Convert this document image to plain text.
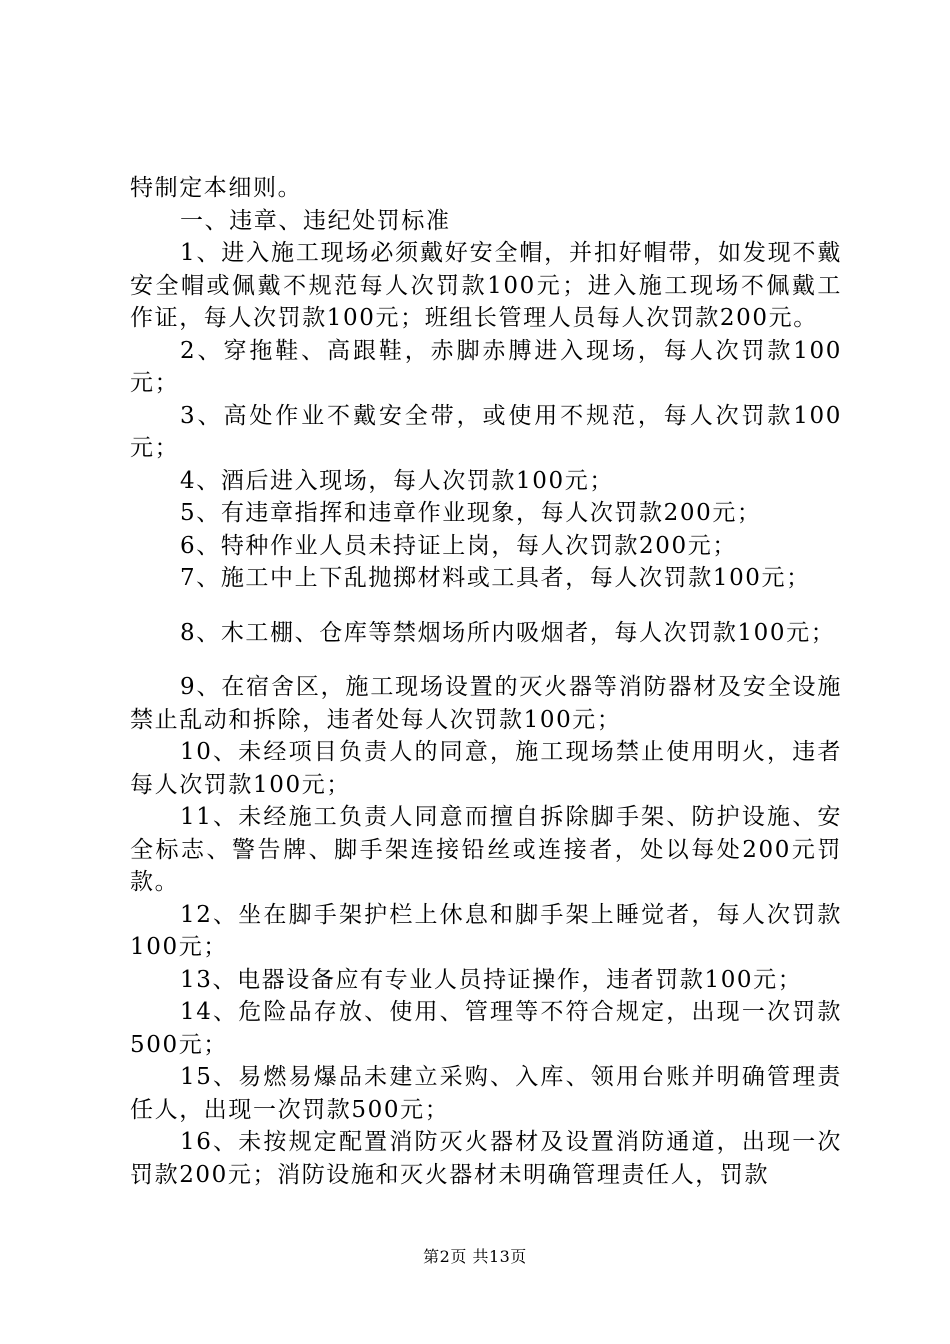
特制定本细则。

一、违章、违纪处罚标准

1、进入施工现场必须戴好安全帽，并扣好帽带，如发现不戴安全帽或佩戴不规范每人次罚款100元；进入施工现场不佩戴工作证，每人次罚款100元；班组长管理人员每人次罚款200元。

2、穿拖鞋、高跟鞋，赤脚赤膊进入现场，每人次罚款100元；

3、高处作业不戴安全带，或使用不规范，每人次罚款100元；

4、酒后进入现场，每人次罚款100元；

5、有违章指挥和违章作业现象，每人次罚款200元；

6、特种作业人员未持证上岗，每人次罚款200元；

7、施工中上下乱抛掷材料或工具者，每人次罚款100元；

8、木工棚、仓库等禁烟场所内吸烟者，每人次罚款100元；

9、在宿舍区，施工现场设置的灭火器等消防器材及安全设施禁止乱动和拆除，违者处每人次罚款100元；

10、未经项目负责人的同意，施工现场禁止使用明火，违者每人次罚款100元；

11、未经施工负责人同意而擅自拆除脚手架、防护设施、安全标志、警告牌、脚手架连接铅丝或连接者，处以每处200元罚款。

12、坐在脚手架护栏上休息和脚手架上睡觉者，每人次罚款100元；

13、电器设备应有专业人员持证操作，违者罚款100元；

14、危险品存放、使用、管理等不符合规定，出现一次罚款500元；

15、易燃易爆品未建立采购、入库、领用台账并明确管理责任人，出现一次罚款500元；

16、未按规定配置消防灭火器材及设置消防通道，出现一次罚款200元；消防设施和灭火器材未明确管理责任人，罚款

第2页 共13页
